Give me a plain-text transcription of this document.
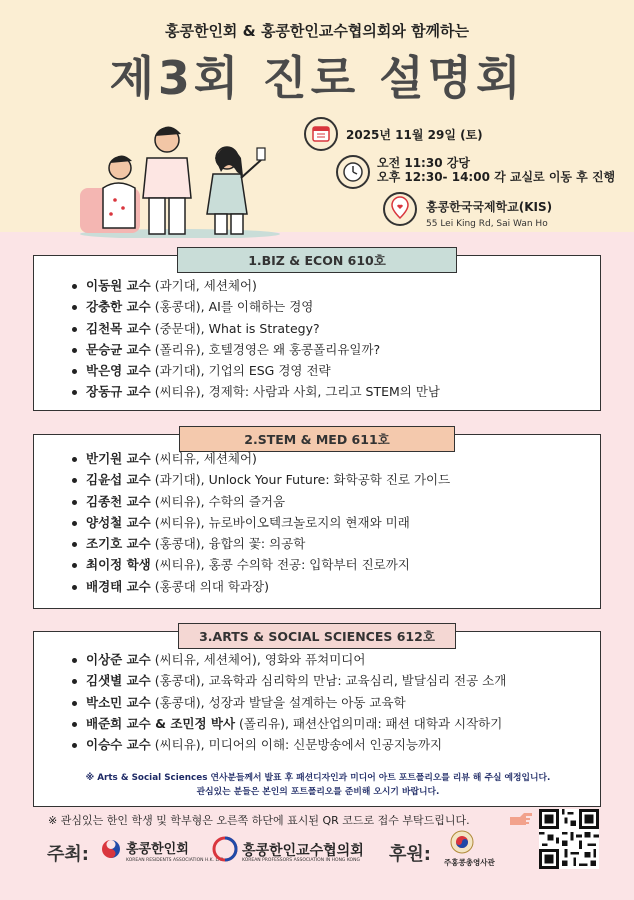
홍콩한인회 & 홍콩한인교수협의회와 함께하는
제3회 진로 설명회
2025년 11월 29일 (토)
오전 11:30 강당
오후 12:30- 14:00 각 교실로 이동 후 진행
홍콩한국국제학교(KIS)
55 Lei King Rd, Sai Wan Ho
1.BIZ & ECON 610호
이동원 교수 (과기대, 세션체어)
강충한 교수 (홍콩대), AI를 이해하는 경영
김천목 교수 (중문대), What is Strategy?
문승균 교수 (폴리유), 호텔경영은 왜 홍콩폴리유일까?
박은영 교수 (과기대), 기업의 ESG 경영 전략
장동규 교수 (씨티유), 경제학: 사람과 사회, 그리고 STEM의 만남
2.STEM & MED 611호
반기원 교수 (씨티유, 세션체어)
김윤섭 교수 (과기대), Unlock Your Future: 화학공학 진로 가이드
김종천 교수 (씨티유), 수학의 즐거움
양성철 교수 (씨티유), 뉴로바이오텍크놀로지의 현재와 미래
조기호 교수 (홍콩대), 융합의 꽃: 의공학
최이정 학생 (씨티유), 홍콩 수의학 전공: 입학부터 진로까지
배경태 교수 (홍콩대 의대 학과장)
3.ARTS & SOCIAL SCIENCES 612호
이상준 교수 (씨티유, 세션체어), 영화와 퓨쳐미디어
김샛별 교수 (홍콩대), 교육학과 심리학의 만남: 교육심리, 발달심리 전공 소개
박소민 교수 (홍콩대), 성장과 발달을 설계하는 아동 교육학
배준희 교수 & 조민정 박사 (폴리유), 패션산업의미래: 패션 대학과 시작하기
이승수 교수 (씨티유), 미디어의 이해: 신문방송에서 인공지능까지
※ Arts & Social Sciences 연사분들께서 발표 후 패션디자인과 미디어 아트 포트폴리오를 리뷰 해 주실 예정입니다.
관심있는 분들은 본인의 포트폴리오를 준비해 오시기 바랍니다.
※ 관심있는 한인 학생 및 학부형은 오른쪽 하단에 표시된 QR 코드로 접수 부탁드립니다.
주최:	홍콩한인회
KOREAN RESIDENTS ASSOCIATION H.K. LTD.
홍콩한인교수협의회
KOREAN PROFESSORS ASSOCIATION IN HONG KONG 후원: 주홍콩총영사관
